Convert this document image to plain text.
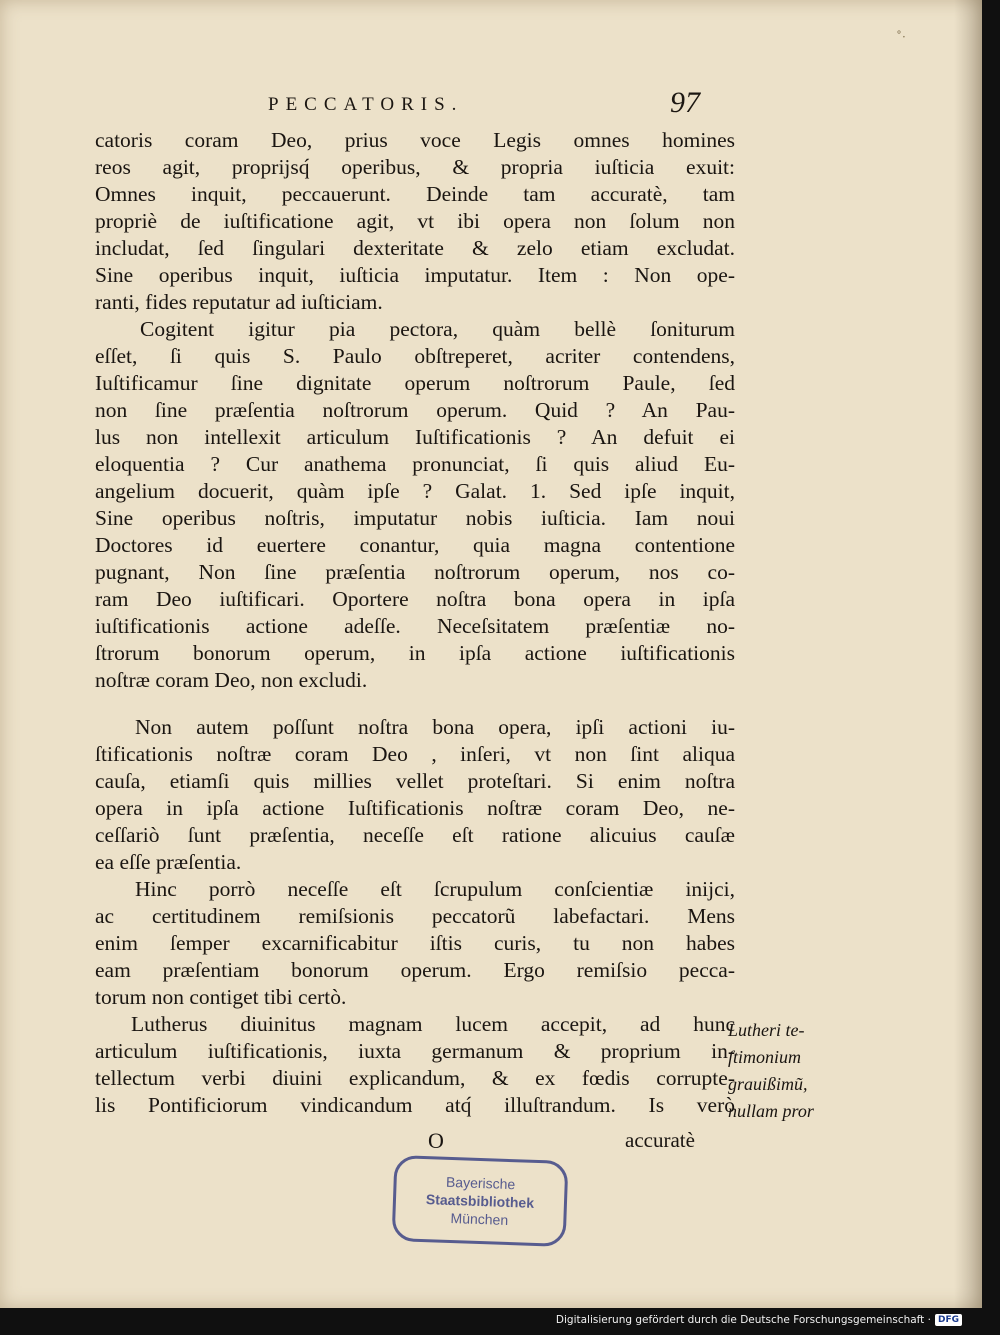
˚·
PECCATORIS.	97
catoris coram Deo, prius voce Legis omnes homines
reos agit, proprijsq́ operibus, & propria iuſticia exuit:
Omnes inquit, peccauerunt. Deinde tam accuratè, tam
propriè de iuſtificatione agit, vt ibi opera non ſolum non
includat, ſed ſingulari dexteritate & zelo etiam excludat.
Sine operibus inquit, iuſticia imputatur. Item : Non ope-
ranti, fides reputatur ad iuſticiam.
Cogitent igitur pia pectora, quàm bellè ſoniturum
eſſet, ſi quis S. Paulo obſtreperet, acriter contendens,
Iuſtificamur ſine dignitate operum noſtrorum Paule, ſed
non ſine præſentia noſtrorum operum. Quid ? An Pau-
lus non intellexit articulum Iuſtificationis ? An defuit ei
eloquentia ? Cur anathema pronunciat, ſi quis aliud Eu-
angelium docuerit, quàm ipſe ? Galat. 1. Sed ipſe inquit,
Sine operibus noſtris, imputatur nobis iuſticia. Iam noui
Doctores id euertere conantur, quia magna contentione
pugnant, Non ſine præſentia noſtrorum operum, nos co-
ram Deo iuſtificari. Oportere noſtra bona opera in ipſa
iuſtificationis actione adeſſe. Neceſsitatem præſentiæ no-
ſtrorum bonorum operum, in ipſa actione iuſtificationis
noſtræ coram Deo, non excludi.
Non autem poſſunt noſtra bona opera, ipſi actioni iu-
ſtificationis noſtræ coram Deo , inſeri, vt non ſint aliqua
cauſa, etiamſi quis millies vellet proteſtari. Si enim noſtra
opera in ipſa actione Iuſtificationis noſtræ coram Deo, ne-
ceſſariò ſunt præſentia, neceſſe eſt ratione alicuius cauſæ
ea eſſe præſentia.
Hinc porrò neceſſe eſt ſcrupulum conſcientiæ inijci,
ac certitudinem remiſsionis peccatorũ labefactari. Mens
enim ſemper excarnificabitur iſtis curis, tu non habes
eam præſentiam bonorum operum. Ergo remiſsio pecca-
torum non contiget tibi certò.
Lutherus diuinitus magnam lucem accepit, ad hunc
articulum iuſtificationis, iuxta germanum & proprium in-
tellectum verbi diuini explicandum, & ex fœdis corrupte-
lis Pontificiorum vindicandum atq́ illuſtrandum. Is verò
Lutheri te-
ſtimonium
grauißimũ,
nullam pror
O	accuratè
Bayerische
Staatsbibliothek
München
Digitalisierung gefördert durch die Deutsche Forschungsgemeinschaft · DFG
